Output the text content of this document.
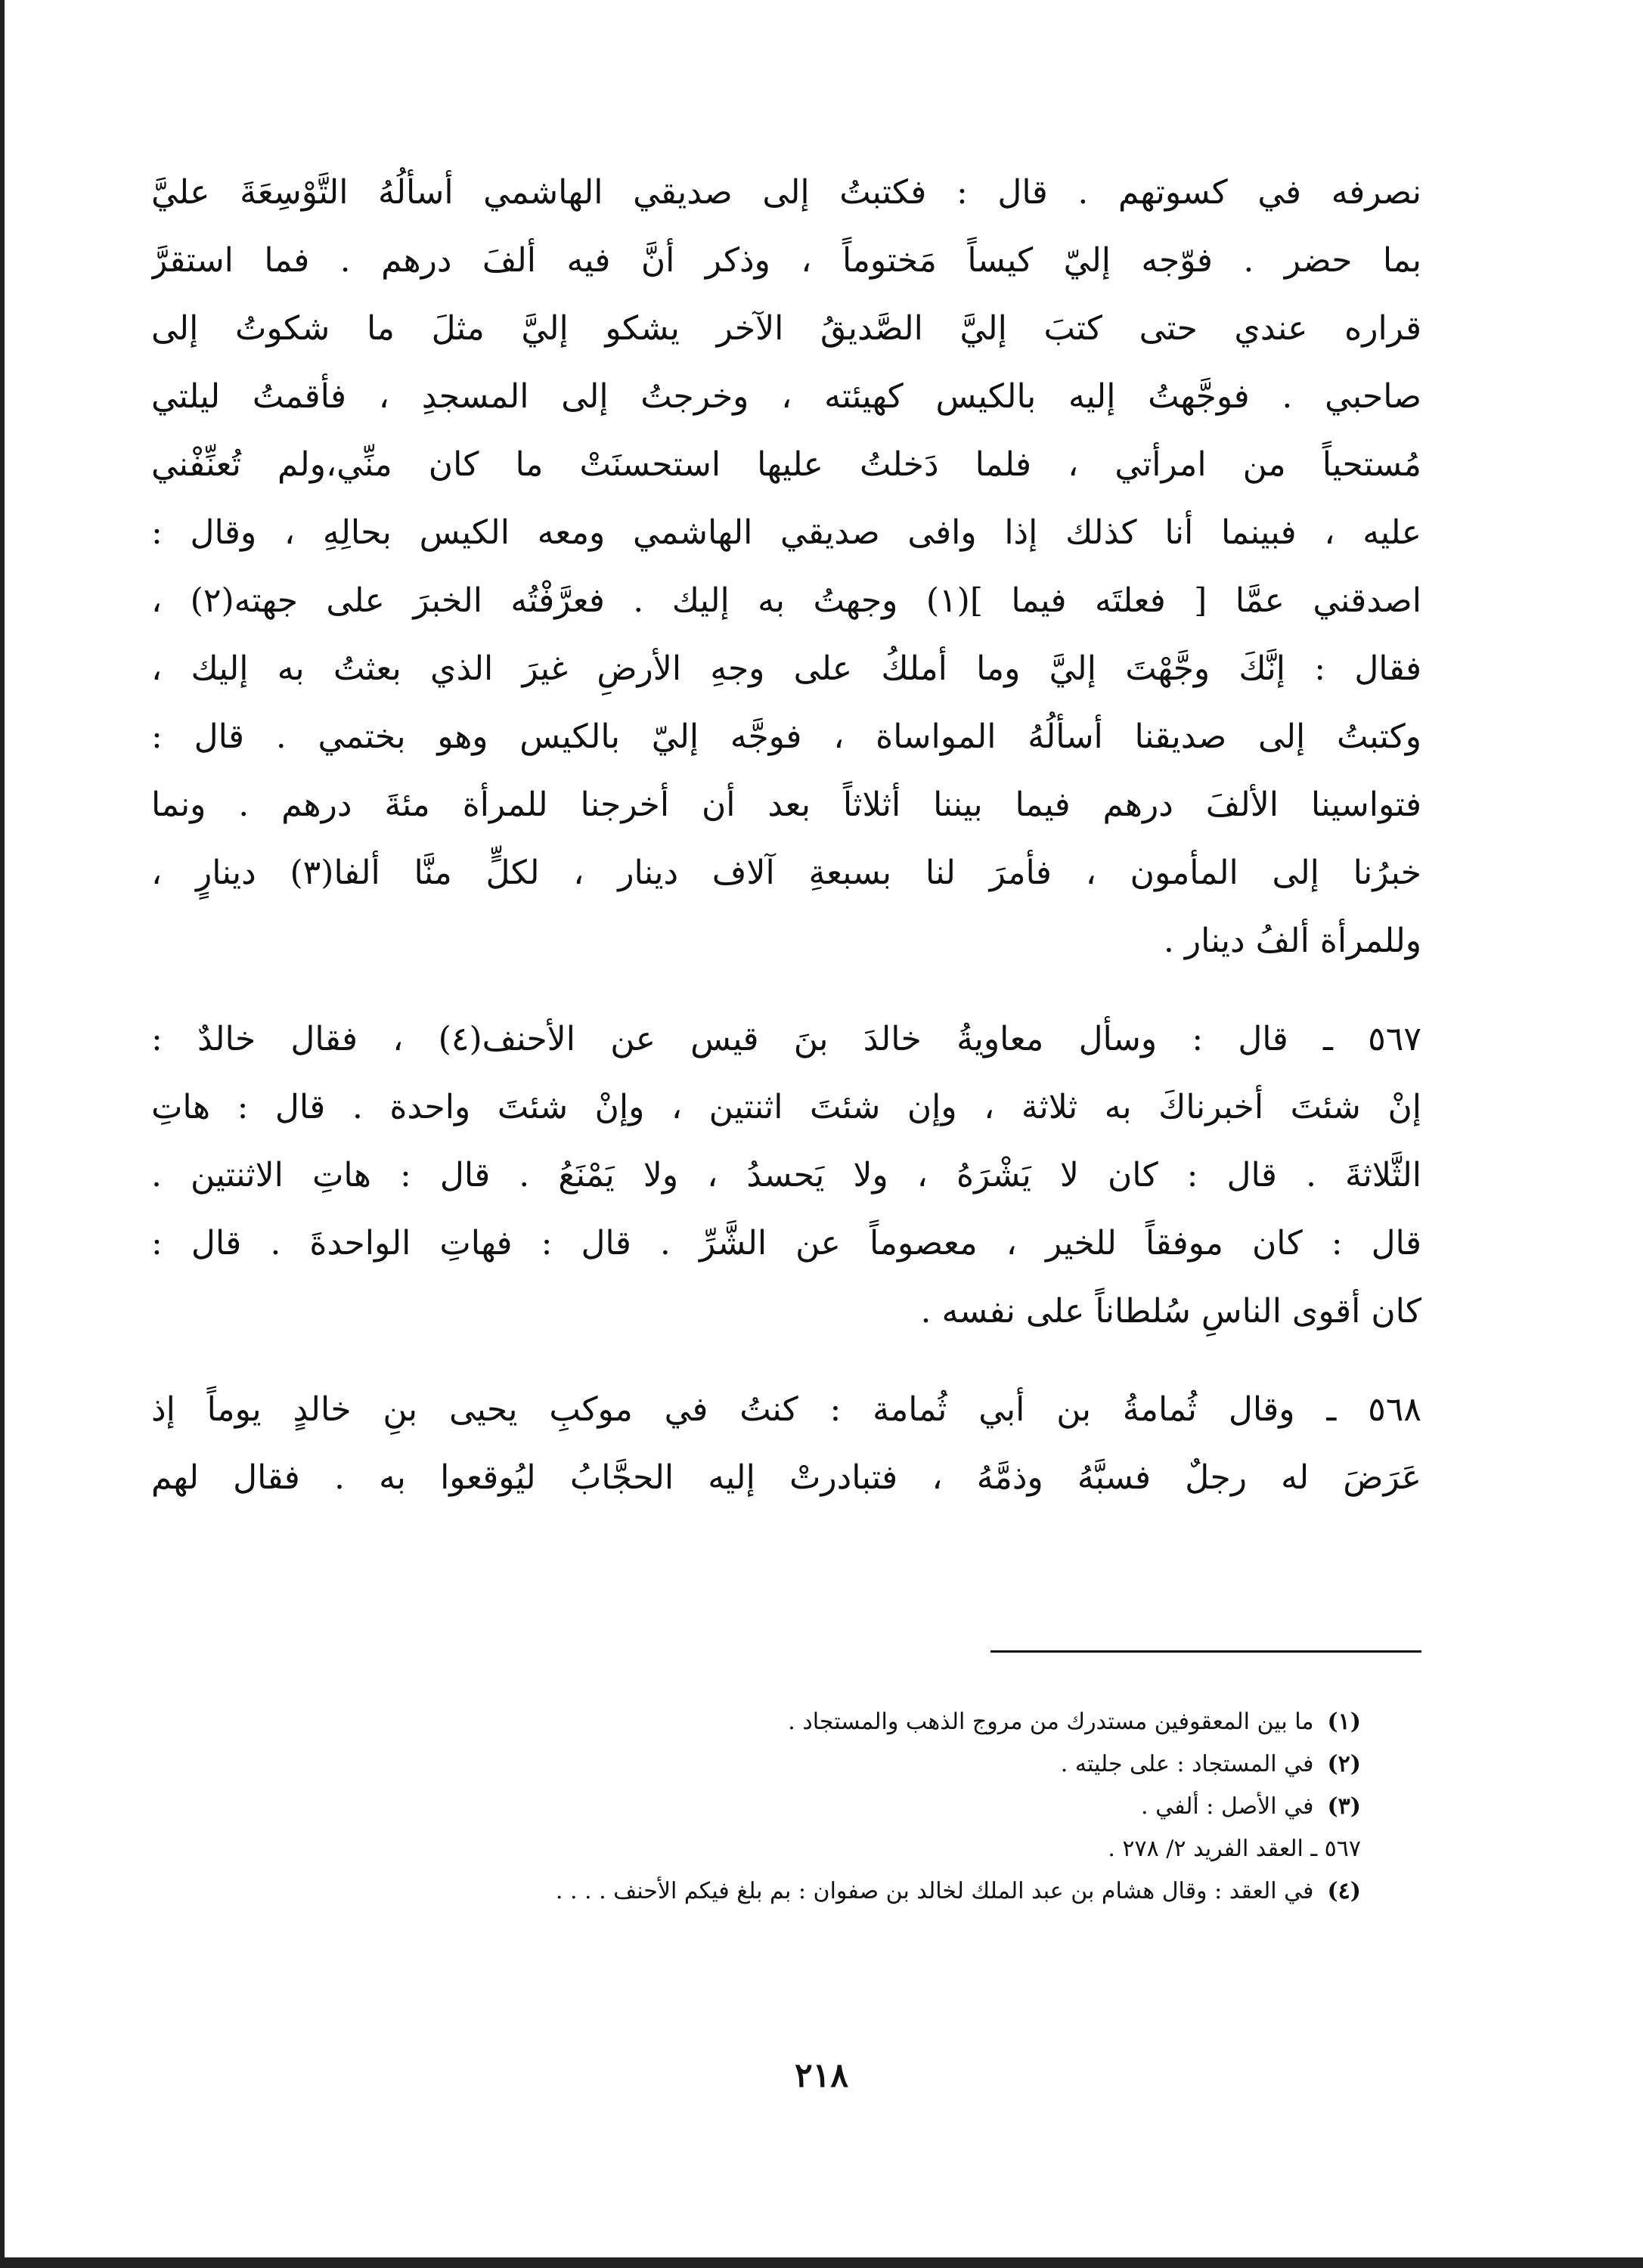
نصرفه في كسوتهم . قال : فكتبتُ إلى صديقي الهاشمي أسألُهُ التَّوْسِعَةَ عليَّ
بما حضر . فوّجه إليّ كيساً مَختوماً ، وذكر أنَّ فيه ألفَ درهم . فما استقرَّ
قراره عندي حتى كتبَ إليَّ الصَّديقُ الآخر يشكو إليَّ مثلَ ما شكوتُ إلى
صاحبي . فوجَّهتُ إليه بالكيس كهيئته ، وخرجتُ إلى المسجدِ ، فأقمتُ ليلتي
مُستحياً من امرأتي ، فلما دَخلتُ عليها استحسنَتْ ما كان منِّي،ولم تُعنِّفْني
عليه ، فبينما أنا كذلك إذا وافى صديقي الهاشمي ومعه الكيس بحالِهِ ، وقال :
اصدقني عمَّا [ فعلتَه فيما ](١) وجهتُ به إليك . فعرَّفْتُه الخبرَ على جهته(٢) ،
فقال : إنَّكَ وجَّهْتَ إليَّ وما أملكُ على وجهِ الأرضِ غيرَ الذي بعثتُ به إليك ،
وكتبتُ إلى صديقنا أسألُهُ المواساة ، فوجَّه إليّ بالكيس وهو بختمي . قال :
فتواسينا الألفَ درهم فيما بيننا أثلاثاً بعد أن أخرجنا للمرأة مئةَ درهم . ونما
خبرُنا إلى المأمون ، فأمرَ لنا بسبعةِ آلاف دينار ، لكلٍّ منَّا ألفا(٣) دينارٍ ،
وللمرأة ألفُ دينار .
٥٦٧ ـ قال : وسأل معاويةُ خالدَ بنَ قيس عن الأحنف(٤) ، فقال خالدٌ :
إنْ شئتَ أخبرناكَ به ثلاثة ، وإن شئتَ اثنتين ، وإنْ شئتَ واحدة . قال : هاتِ
الثَّلاثةَ . قال : كان لا يَشْرَهُ ، ولا يَحسدُ ، ولا يَمْنَعُ . قال : هاتِ الاثنتين .
قال : كان موفقاً للخير ، معصوماً عن الشَّرِّ . قال : فهاتِ الواحدةَ . قال :
كان أقوى الناسِ سُلطاناً على نفسه .
٥٦٨ ـ وقال ثُمامةُ بن أبي ثُمامة : كنتُ في موكبِ يحيى بنِ خالدٍ يوماً إذ
عَرَضَ له رجلٌ فسبَّهُ وذمَّهُ ، فتبادرتْ إليه الحجَّابُ ليُوقعوا به . فقال لهم
(١)ما بين المعقوفين مستدرك من مروج الذهب والمستجاد .
(٢)في المستجاد : على جليته .
(٣)في الأصل : ألفي .
٥٦٧ ـ العقد الفريد ٢/ ٢٧٨ .
(٤)في العقد : وقال هشام بن عبد الملك لخالد بن صفوان : بم بلغ فيكم الأحنف . . . .
٢١٨
